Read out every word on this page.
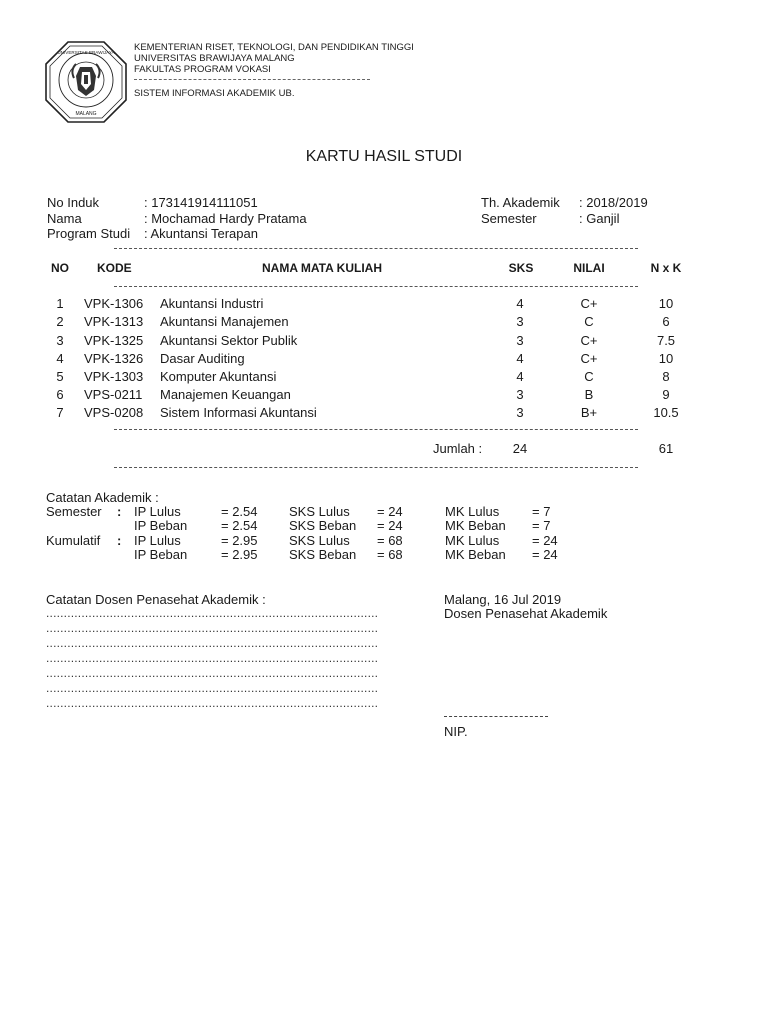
UNIVERSITAS BRAWIJAYA
MALANG
KEMENTERIAN RISET, TEKNOLOGI, DAN PENDIDIKAN TINGGI
UNIVERSITAS BRAWIJAYA MALANG
FAKULTAS PROGRAM VOKASI
SISTEM INFORMASI AKADEMIK UB.
KARTU HASIL STUDI
No Induk	: 173141914111051
Nama	: Mochamad Hardy Pratama
Program Studi : Akuntansi Terapan
Th. Akademik : 2018/2019
Semester	: Ganjil
NO KODE	NAMA MATA KULIAH	SKS	NILAI	N x K
1 VPK-1306 Akuntansi Industri	4	C+	10
2 VPK-1313 Akuntansi Manajemen	3	C	6
3 VPK-1325 Akuntansi Sektor Publik	3	C+	7.5
4 VPK-1326 Dasar Auditing	4	C+	10
5 VPK-1303 Komputer Akuntansi	4	C	8
6 VPS-0211 Manajemen Keuangan	3	B	9
7 VPS-0208 Sistem Informasi Akuntansi	3	B+	10.5
Jumlah : 24	61
Catatan Akademik :
Semester : IP Lulus	= 2.54 SKS Lulus = 24	MK Lulus	= 7
IP Beban	= 2.54 SKS Beban = 24	MK Beban = 7
Kumulatif : IP Lulus	= 2.95 SKS Lulus = 68	MK Lulus	= 24
IP Beban	= 2.95 SKS Beban = 68	MK Beban = 24
Catatan Dosen Penasehat Akademik :	Malang, 16 Jul 2019
Dosen Penasehat Akademik
..............................................................................................
..............................................................................................
..............................................................................................
..............................................................................................
..............................................................................................
..............................................................................................
..............................................................................................
NIP.
